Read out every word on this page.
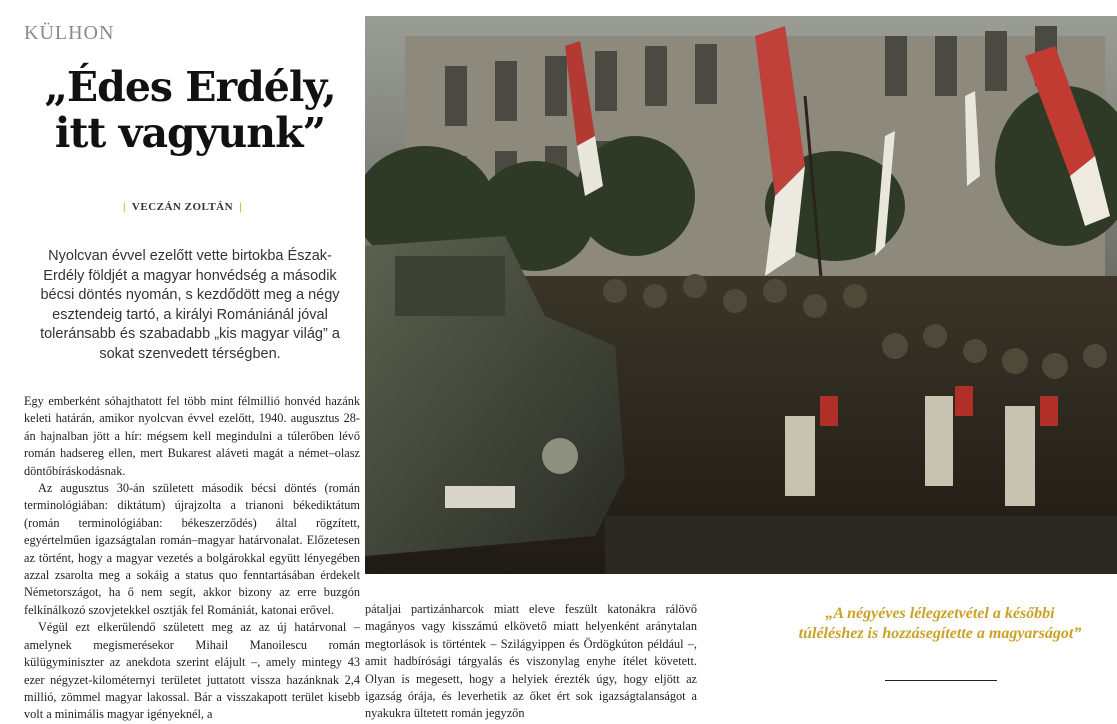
KÜLHON
„Édes Erdély,
itt vagyunk”
| VECZÁN ZOLTÁN |
Nyolcvan évvel ezelőtt vette birtokba Észak-Erdély földjét a magyar honvédség a második bécsi döntés nyomán, s kezdődött meg a négy esztendeig tartó, a királyi Romániánál jóval toleránsabb és szabadabb „kis magyar világ” a sokat szenvedett térségben.

Egy emberként sóhajthatott fel több mint félmillió honvéd hazánk keleti határán, amikor nyolcvan évvel ezelőtt, 1940. augusztus 28-án hajnalban jött a hír: mégsem kell megindulni a túlerőben lévő román hadsereg ellen, mert Bukarest aláveti magát a német–olasz döntőbíráskodásnak.

Az augusztus 30-án született második bécsi döntés (román terminológiában: diktátum) újrajzolta a trianoni békediktátum (román terminológiában: békeszerződés) által rögzített, egyértelműen igazságtalan román–magyar határvonalat. Előzetesen az történt, hogy a magyar vezetés a bolgárokkal együtt lényegében azzal zsarolta meg a sokáig a status quo fenntartásában érdekelt Németországot, ha ő nem segít, akkor bizony az erre buzgón felkínálkozó szovjetekkel osztják fel Romániát, katonai erővel.

Végül ezt elkerülendő született meg az az új határvonal – amelynek megismerésekor Mihail Manoilescu román külügyminiszter az anekdota szerint elájult –, amely mintegy 43 ezer négyzet-kilométernyi területet juttatott vissza hazánknak 2,4 millió, zömmel magyar lakossal. Bár a visszakapott terület kisebb volt a minimális magyar igényeknél, a

pátaljai partizánharcok miatt eleve feszült katonákra rálövő magányos vagy kisszámú elkövető miatt helyenként aránytalan megtorlások is történtek – Szilágyippen és Ördögkúton például –, amit hadbírósági tárgyalás és viszonylag enyhe ítélet követett. Olyan is megesett, hogy a helyiek érezték úgy, hogy eljött az igazság órája, és leverhetik az őket ért sok igazságtalanságot a nyakukra ültetett román jegyzőn

„A négyéves lélegzetvétel a későbbi túléléshez is hozzásegítette a magyarságot”
